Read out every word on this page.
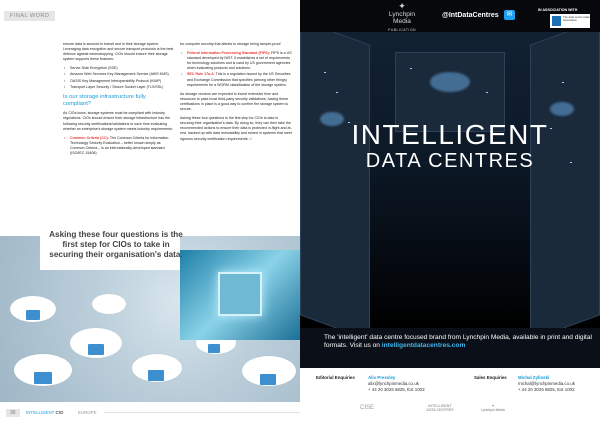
FINAL WORD

ensure data is secured in transit and in their storage system. Leveraging data encryption and secure transport protocols is the best defence against eavesdropping. CIOs should ensure their storage system supports these features:

• Server-Side Encryption (SSE)
• Amazon Web Services Key Management Service (AWS KMS)
• OASIS Key Management Interoperability Protocol (KMIP)
• Transport Layer Security / Secure Socket Layer (TLS/SSL)
Is our storage infrastructure fully compliant?

As CIOs know, storage systems must be compliant with industry regulations. CIOs should ensure their storage infrastructure has the following security certifications/validations to save time evaluating whether an enterprise's storage system meets industry requirements:

• Common Criteria (CC): The Common Criteria for Information Technology Security Evaluation – better known simply as Common Criteria – is an internationally-developed standard (ISO/IEC 15408)

for computer security that attests to storage being tamper-proof

• Federal Information Processing Standard (FIPS): FIPS is a US standard developed by NIST. It establishes a set of requirements for technology solutions and is used by US government agencies when evaluating products and solutions.
• SEC Rule 17a-4: This is a regulation issued by the US Securities and Exchange Commission that specifies (among other things) requirements for a WORM classification of the storage system.

As storage vendors are expected to invest extensive time and resources to pass most third-party security validations, having these certifications in place is a good way to confirm the storage system is secure.

Asking these four questions is the first step for CIOs to take in securing their organisation's data. By doing so, they can then take the recommended actions to ensure their data is protected in-flight and at-rest, backed up with data immutability and stored in systems that meet rigorous security certification requirements. □

Asking these four questions is the first step for CIOs to take in securing their organisation's data.
36	INTELLIGENT CIO	EUROPE
✦
Lynchpin
Media
PUBLICATION
@IntDataCentres	✉
IN ASSOCIATION WITH
The data centre trade association
INTELLIGENT
DATA CENTRES
The 'intelligent' data centre focused brand from Lynchpin Media, available in print and digital formats. Visit us on intelligentdatacentres.com
Editorial Enquiries	Alix Pressley
alix@lynchpinmedia.co.uk
+ 44 20 3026 6825, Ext 1003
Sales Enquiries	Michal Zylinski
michal@lynchpinmedia.co.uk
+ 44 20 3026 6825, Ext 1002
CISE	INTELLIGENT
DATA CENTRES
✦
Lynchpin Media
